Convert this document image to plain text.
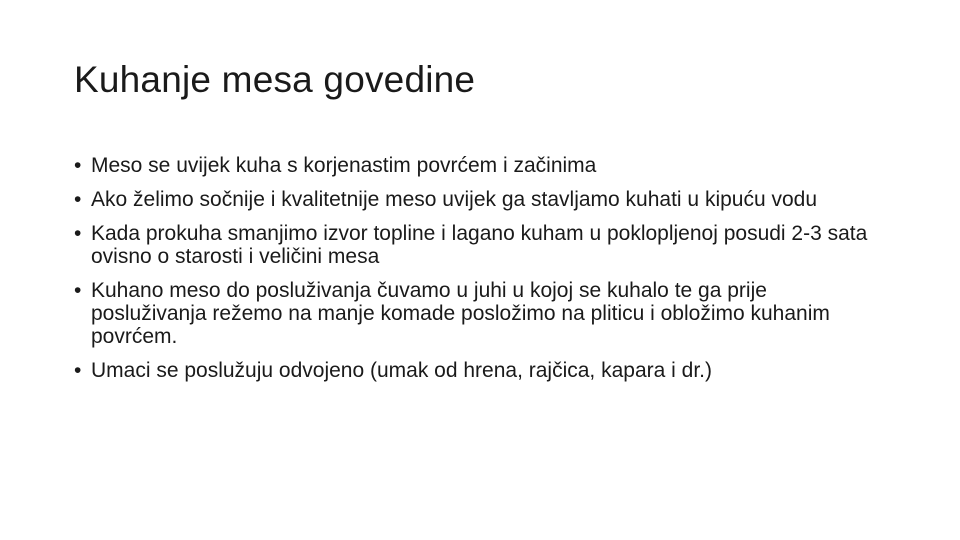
Kuhanje mesa govedine
• Meso se uvijek kuha s korjenastim povrćem i začinima
• Ako želimo sočnije i kvalitetnije meso uvijek ga stavljamo kuhati u kipuću vodu
• Kada prokuha smanjimo izvor topline i lagano kuham u poklopljenoj posudi 2-3 sata ovisno o starosti i veličini mesa
• Kuhano meso do posluživanja čuvamo u juhi u kojoj se kuhalo te ga prije posluživanja režemo na manje komade posložimo na pliticu i obložimo kuhanim povrćem.
• Umaci se poslužuju odvojeno (umak od hrena, rajčica, kapara i dr.)
